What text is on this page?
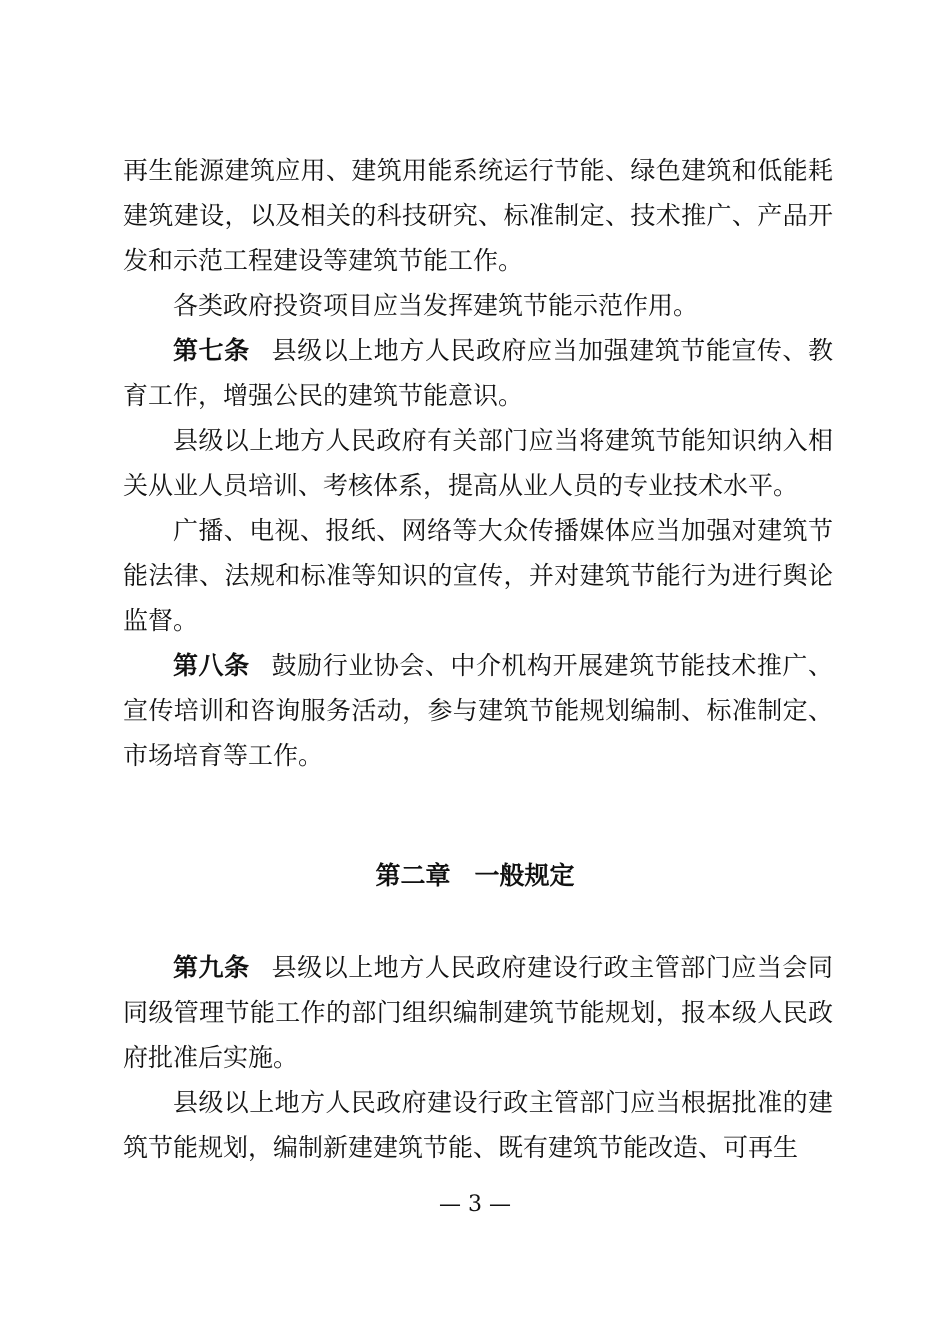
再生能源建筑应用、建筑用能系统运行节能、绿色建筑和低能耗建筑建设，以及相关的科技研究、标准制定、技术推广、产品开发和示范工程建设等建筑节能工作。

各类政府投资项目应当发挥建筑节能示范作用。

第七条 县级以上地方人民政府应当加强建筑节能宣传、教育工作，增强公民的建筑节能意识。

县级以上地方人民政府有关部门应当将建筑节能知识纳入相关从业人员培训、考核体系，提高从业人员的专业技术水平。

广播、电视、报纸、网络等大众传播媒体应当加强对建筑节能法律、法规和标准等知识的宣传，并对建筑节能行为进行舆论监督。

第八条 鼓励行业协会、中介机构开展建筑节能技术推广、宣传培训和咨询服务活动，参与建筑节能规划编制、标准制定、市场培育等工作。

第二章 一般规定

第九条 县级以上地方人民政府建设行政主管部门应当会同同级管理节能工作的部门组织编制建筑节能规划，报本级人民政府批准后实施。

县级以上地方人民政府建设行政主管部门应当根据批准的建筑节能规划，编制新建建筑节能、既有建筑节能改造、可再生

— 3 —
